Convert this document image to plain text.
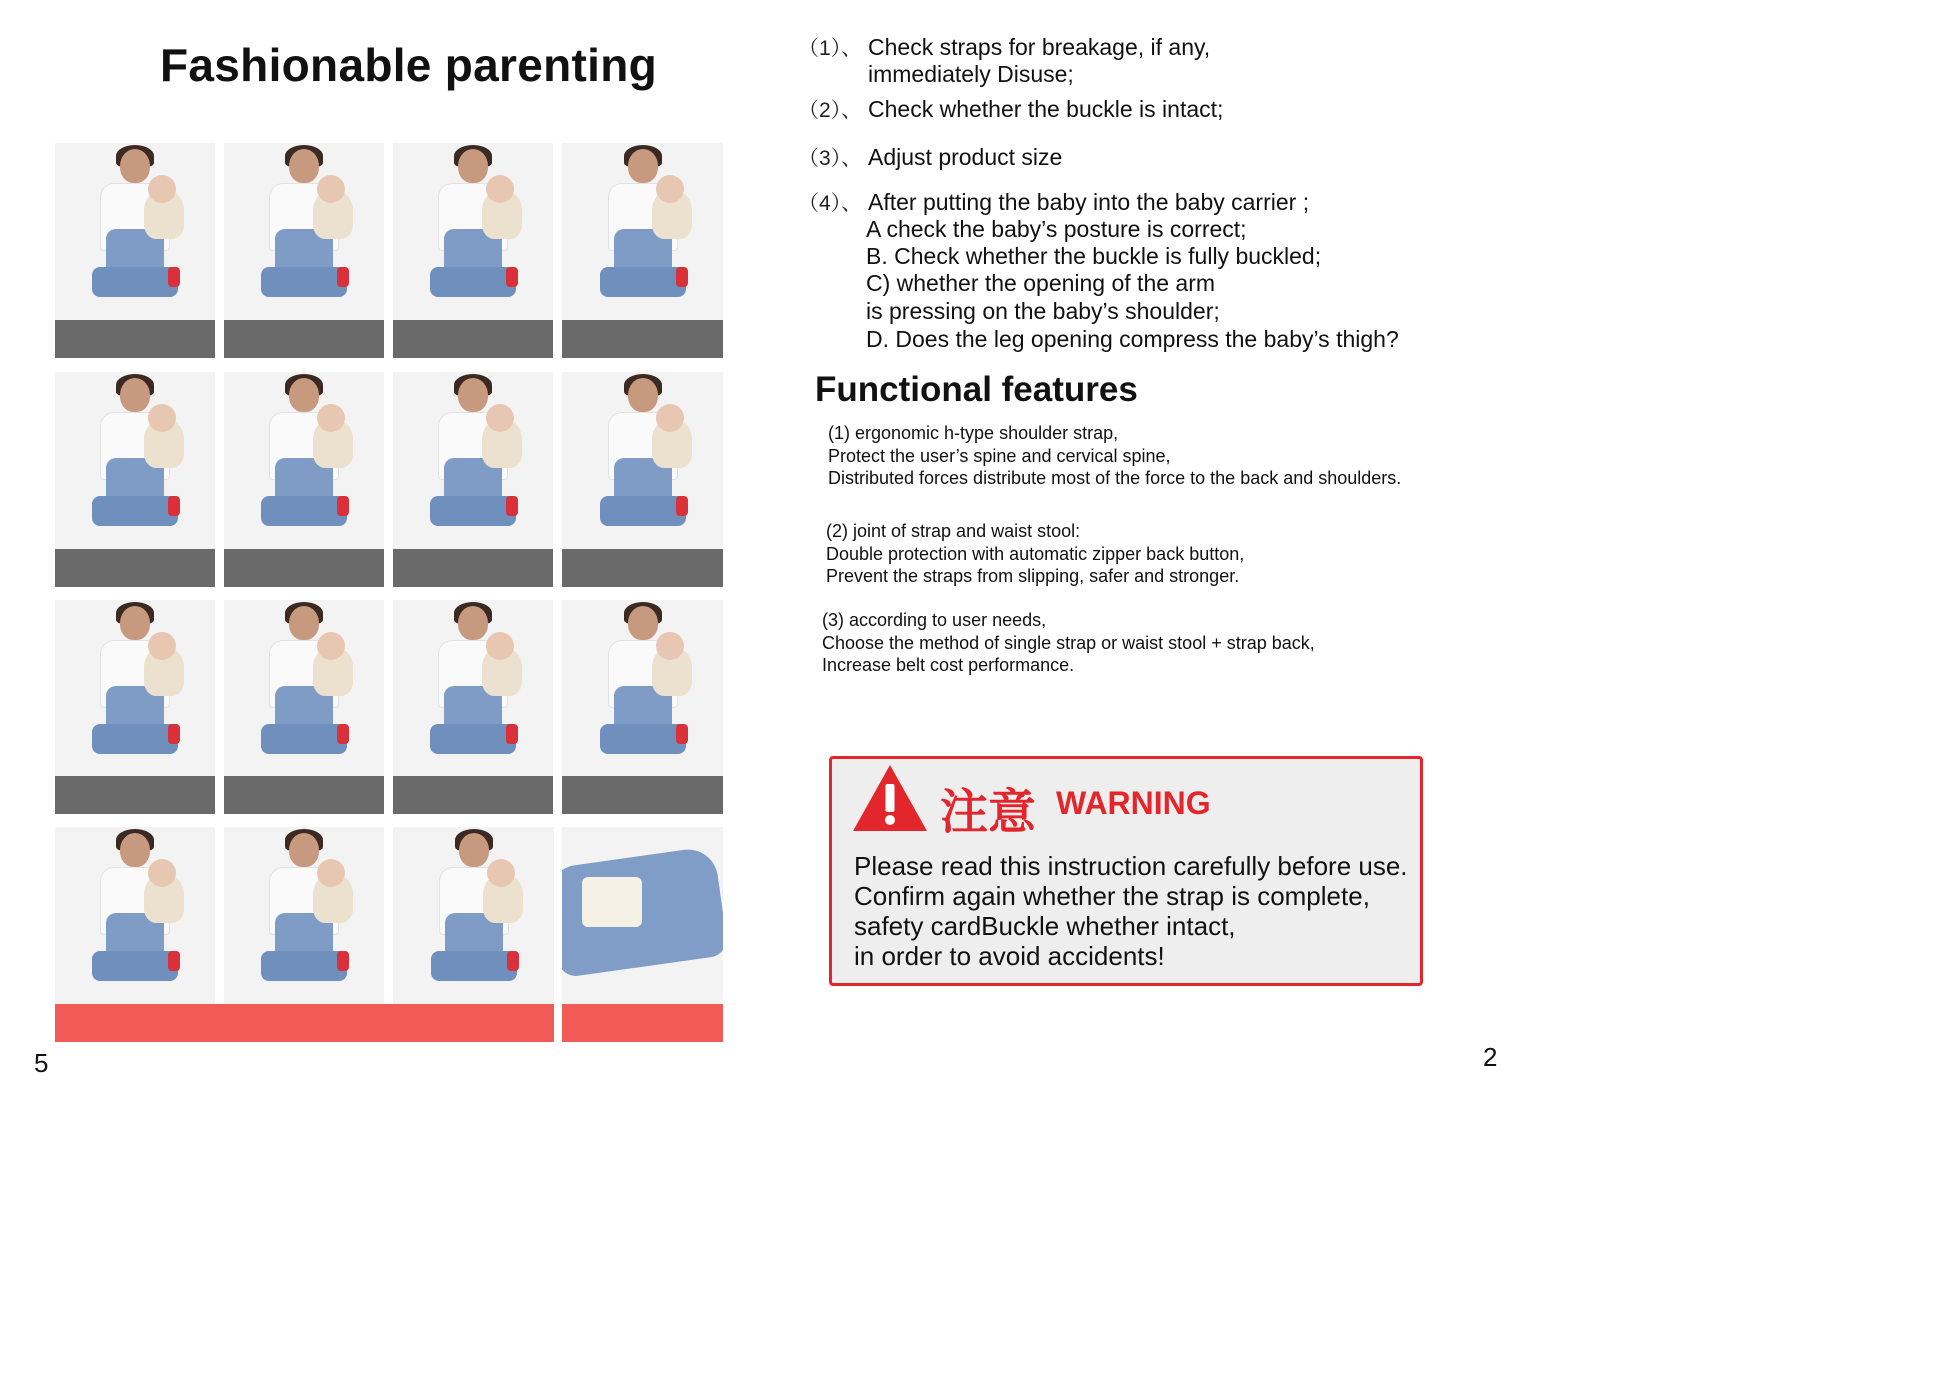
Fashionable parenting
5	2
（1）、 Check straps for breakage, if any,
immediately Disuse;
（2）、 Check whether the buckle is intact;
（3）、 Adjust product size
（4）、 After putting the baby into the baby carrier ;
A check the baby’s posture is correct;
B. Check whether the buckle is fully buckled;
C) whether the opening of the arm
is pressing on the baby’s shoulder;
D. Does the leg opening compress the baby’s thigh?
Functional features
(1) ergonomic h-type shoulder strap,
Protect the user’s spine and cervical spine,
Distributed forces distribute most of the force to the back and shoulders.
(2) joint of strap and waist stool:
Double protection with automatic zipper back button,
Prevent the straps from slipping, safer and stronger.
(3) according to user needs,
Choose the method of single strap or waist stool + strap back,
Increase belt cost performance.
注意 WARNING
Please read this instruction carefully before use.
Confirm again whether the strap is complete,
safety cardBuckle whether intact,
in order to avoid accidents!
